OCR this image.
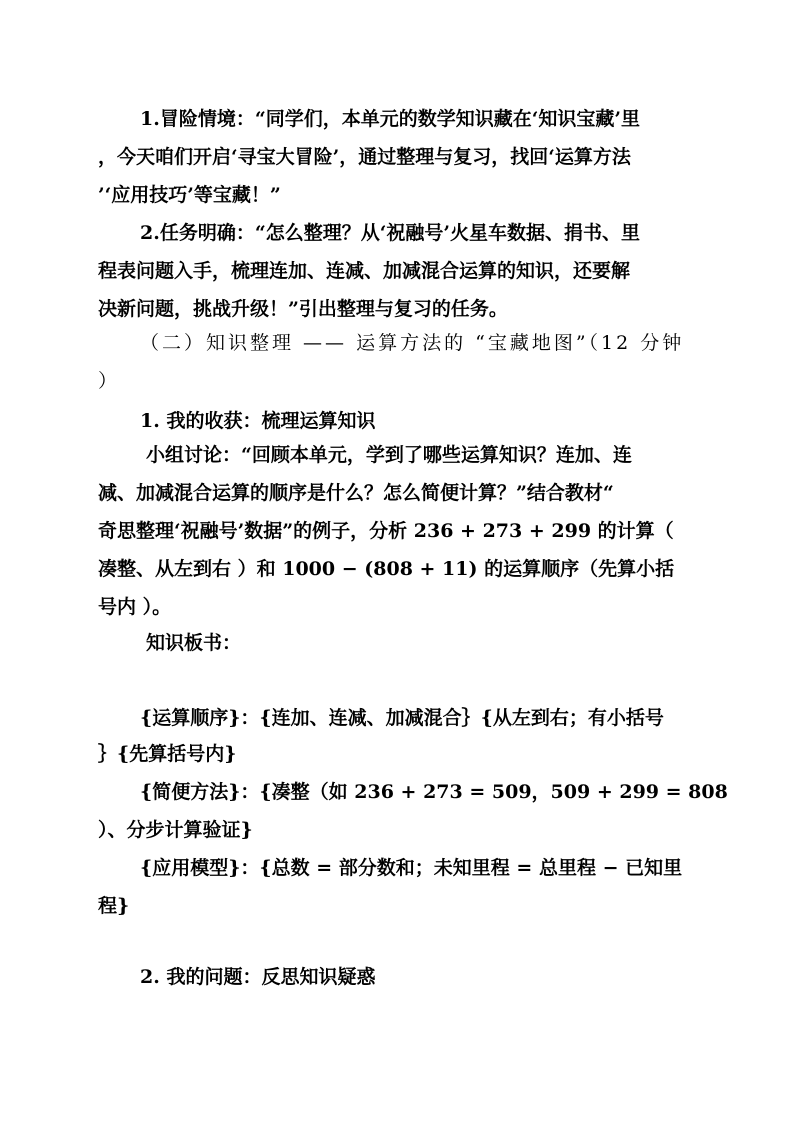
1.冒险情境：“同学们，本单元的数学知识藏在‘知识宝藏’里
，今天咱们开启‘寻宝大冒险’，通过整理与复习，找回‘运算方法
’‘应用技巧’等宝藏！”
2.任务明确：“怎么整理？从‘祝融号’火星车数据、捐书、里
程表问题入手，梳理连加、连减、加减混合运算的知识，还要解
决新问题，挑战升级！”引出整理与复习的任务。
（二）知识整理 —— 运算方法的 “宝藏地图”（12 分钟
）
1. 我的收获：梳理运算知识
小组讨论：“回顾本单元，学到了哪些运算知识？连加、连
减、加减混合运算的顺序是什么？怎么简便计算？”结合教材“
奇思整理‘祝融号’数据”的例子，分析 236 + 273 + 299 的计算（
凑整、从左到右 ）和 1000 − (808 + 11) 的运算顺序（先算小括
号内 ）。
知识板书：
{运算顺序}：{连加、连减、加减混合｝{从左到右；有小括号
｝{先算括号内}
{简便方法}：{凑整（如 236 + 273 = 509，509 + 299 = 808
）、分步计算验证}
{应用模型}：{总数 = 部分数和；未知里程 = 总里程 − 已知里
程}
2. 我的问题：反思知识疑惑
